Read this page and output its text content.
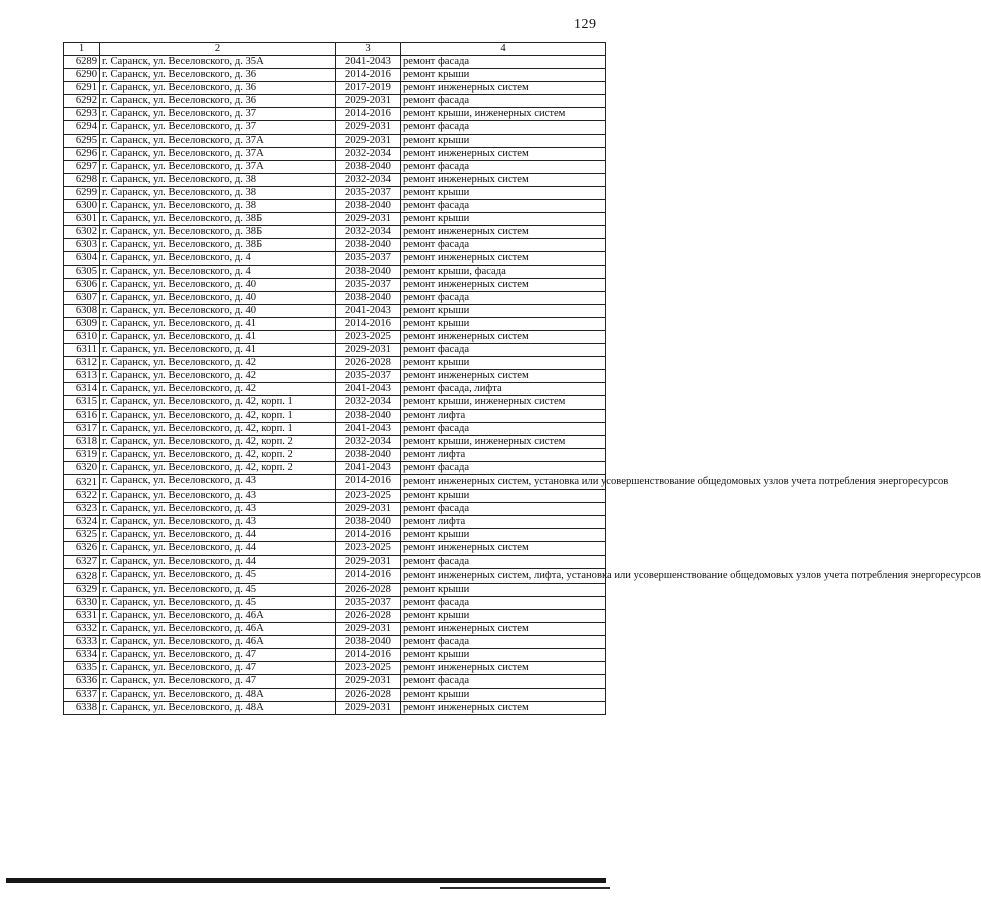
129
1	2	3	4
6289	г. Саранск, ул. Веселовского, д. 35А	2041-2043	ремонт фасада
6290	г. Саранск, ул. Веселовского, д. 36	2014-2016	ремонт крыши
6291	г. Саранск, ул. Веселовского, д. 36	2017-2019	ремонт инженерных систем
6292	г. Саранск, ул. Веселовского, д. 36	2029-2031	ремонт фасада
6293	г. Саранск, ул. Веселовского, д. 37	2014-2016	ремонт крыши, инженерных систем
6294	г. Саранск, ул. Веселовского, д. 37	2029-2031	ремонт фасада
6295	г. Саранск, ул. Веселовского, д. 37А	2029-2031	ремонт крыши
6296	г. Саранск, ул. Веселовского, д. 37А	2032-2034	ремонт инженерных систем
6297	г. Саранск, ул. Веселовского, д. 37А	2038-2040	ремонт фасада
6298	г. Саранск, ул. Веселовского, д. 38	2032-2034	ремонт инженерных систем
6299	г. Саранск, ул. Веселовского, д. 38	2035-2037	ремонт крыши
6300	г. Саранск, ул. Веселовского, д. 38	2038-2040	ремонт фасада
6301	г. Саранск, ул. Веселовского, д. 38Б	2029-2031	ремонт крыши
6302	г. Саранск, ул. Веселовского, д. 38Б	2032-2034	ремонт инженерных систем
6303	г. Саранск, ул. Веселовского, д. 38Б	2038-2040	ремонт фасада
6304	г. Саранск, ул. Веселовского, д. 4	2035-2037	ремонт инженерных систем
6305	г. Саранск, ул. Веселовского, д. 4	2038-2040	ремонт крыши, фасада
6306	г. Саранск, ул. Веселовского, д. 40	2035-2037	ремонт инженерных систем
6307	г. Саранск, ул. Веселовского, д. 40	2038-2040	ремонт фасада
6308	г. Саранск, ул. Веселовского, д. 40	2041-2043	ремонт крыши
6309	г. Саранск, ул. Веселовского, д. 41	2014-2016	ремонт крыши
6310	г. Саранск, ул. Веселовского, д. 41	2023-2025	ремонт инженерных систем
6311	г. Саранск, ул. Веселовского, д. 41	2029-2031	ремонт фасада
6312	г. Саранск, ул. Веселовского, д. 42	2026-2028	ремонт крыши
6313	г. Саранск, ул. Веселовского, д. 42	2035-2037	ремонт инженерных систем
6314	г. Саранск, ул. Веселовского, д. 42	2041-2043	ремонт фасада, лифта
6315	г. Саранск, ул. Веселовского, д. 42, корп. 1	2032-2034	ремонт крыши, инженерных систем
6316	г. Саранск, ул. Веселовского, д. 42, корп. 1	2038-2040	ремонт лифта
6317	г. Саранск, ул. Веселовского, д. 42, корп. 1	2041-2043	ремонт фасада
6318	г. Саранск, ул. Веселовского, д. 42, корп. 2	2032-2034	ремонт крыши, инженерных систем
6319	г. Саранск, ул. Веселовского, д. 42, корп. 2	2038-2040	ремонт лифта
6320	г. Саранск, ул. Веселовского, д. 42, корп. 2	2041-2043	ремонт фасада
6321	г. Саранск, ул. Веселовского, д. 43	2014-2016	ремонт инженерных систем, установка или усовершенствование общедомовых узлов учета потребления энергоресурсов
6322	г. Саранск, ул. Веселовского, д. 43	2023-2025	ремонт крыши
6323	г. Саранск, ул. Веселовского, д. 43	2029-2031	ремонт фасада
6324	г. Саранск, ул. Веселовского, д. 43	2038-2040	ремонт лифта
6325	г. Саранск, ул. Веселовского, д. 44	2014-2016	ремонт крыши
6326	г. Саранск, ул. Веселовского, д. 44	2023-2025	ремонт инженерных систем
6327	г. Саранск, ул. Веселовского, д. 44	2029-2031	ремонт фасада
6328	г. Саранск, ул. Веселовского, д. 45	2014-2016	ремонт инженерных систем, лифта, установка или усовершенствование общедомовых узлов учета потребления энергоресурсов
6329	г. Саранск, ул. Веселовского, д. 45	2026-2028	ремонт крыши
6330	г. Саранск, ул. Веселовского, д. 45	2035-2037	ремонт фасада
6331	г. Саранск, ул. Веселовского, д. 46А	2026-2028	ремонт крыши
6332	г. Саранск, ул. Веселовского, д. 46А	2029-2031	ремонт инженерных систем
6333	г. Саранск, ул. Веселовского, д. 46А	2038-2040	ремонт фасада
6334	г. Саранск, ул. Веселовского, д. 47	2014-2016	ремонт крыши
6335	г. Саранск, ул. Веселовского, д. 47	2023-2025	ремонт инженерных систем
6336	г. Саранск, ул. Веселовского, д. 47	2029-2031	ремонт фасада
6337	г. Саранск, ул. Веселовского, д. 48А	2026-2028	ремонт крыши
6338	г. Саранск, ул. Веселовского, д. 48А	2029-2031	ремонт инженерных систем
